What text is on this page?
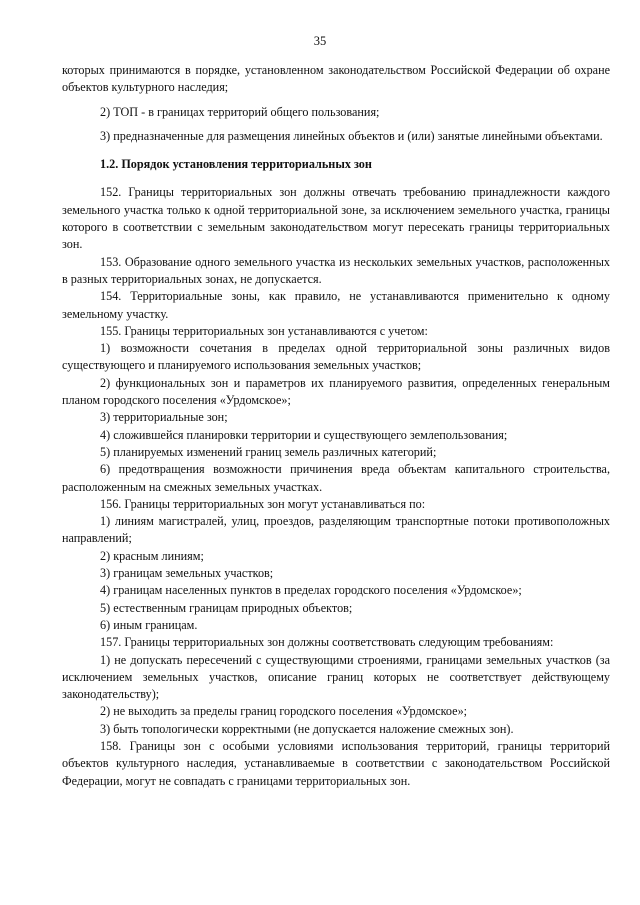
35

которых принимаются в порядке, установленном законодательством Российской Федерации об охране объектов культурного наследия;

2) ТОП - в границах территорий общего пользования;

3) предназначенные для размещения линейных объектов и (или) занятые линейными объектами.

1.2. Порядок установления территориальных зон

152. Границы территориальных зон должны отвечать требованию принадлежности каждого земельного участка только к одной территориальной зоне, за исключением земельного участка, границы которого в соответствии с земельным законодательством могут пересекать границы территориальных зон.

153. Образование одного земельного участка из нескольких земельных участков, расположенных в разных территориальных зонах, не допускается.

154. Территориальные зоны, как правило, не устанавливаются применительно к одному земельному участку.

155. Границы территориальных зон устанавливаются с учетом:

1) возможности сочетания в пределах одной территориальной зоны различных видов существующего и планируемого использования земельных участков;

2) функциональных зон и параметров их планируемого развития, определенных генеральным планом городского поселения «Урдомское»;

3) территориальные зон;

4) сложившейся планировки территории и существующего землепользования;

5) планируемых изменений границ земель различных категорий;

6) предотвращения возможности причинения вреда объектам капитального строительства, расположенным на смежных земельных участках.

156. Границы территориальных зон могут устанавливаться по:

1) линиям магистралей, улиц, проездов, разделяющим транспортные потоки противоположных направлений;

2) красным линиям;

3) границам земельных участков;

4) границам населенных пунктов в пределах городского поселения «Урдомское»;

5) естественным границам природных объектов;

6) иным границам.

157. Границы территориальных зон должны соответствовать следующим требованиям:

1) не допускать пересечений с существующими строениями, границами земельных участков (за исключением земельных участков, описание границ которых не соответствует действующему законодательству);

2) не выходить за пределы границ городского поселения «Урдомское»;

3) быть топологически корректными (не допускается наложение смежных зон).

158. Границы зон с особыми условиями использования территорий, границы территорий объектов культурного наследия, устанавливаемые в соответствии с законодательством Российской Федерации, могут не совпадать с границами территориальных зон.
